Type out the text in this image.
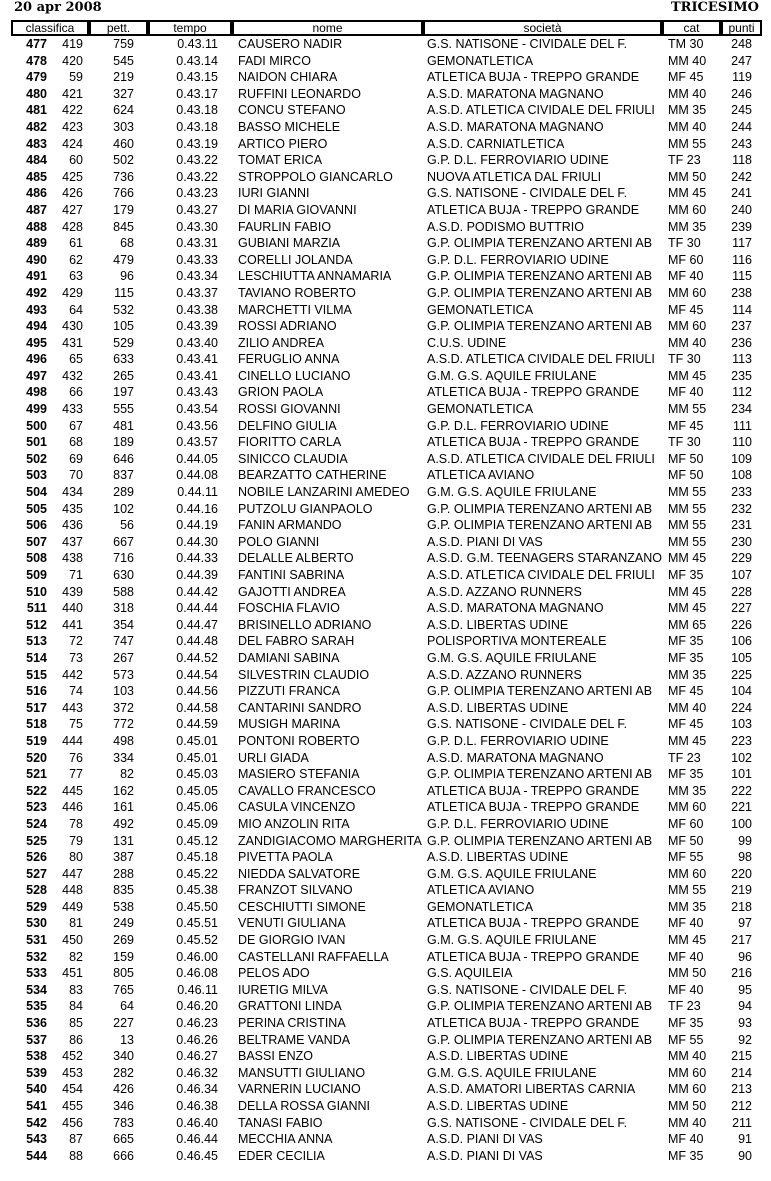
20 apr 2008	TRICESIMO
classifica		pett.	tempo	nome	società	cat	punti

477	419	759	0.43.11	CAUSERO NADIR	G.S. NATISONE - CIVIDALE DEL F.	TM 30	248
478	420	545	0.43.14	FADI MIRCO	GEMONATLETICA	MM 40	247
479	59	219	0.43.15	NAIDON CHIARA	ATLETICA BUJA - TREPPO GRANDE	MF 45	119
480	421	327	0.43.17	RUFFINI LEONARDO	A.S.D. MARATONA MAGNANO	MM 40	246
481	422	624	0.43.18	CONCU STEFANO	A.S.D. ATLETICA CIVIDALE DEL FRIULI	MM 35	245
482	423	303	0.43.18	BASSO MICHELE	A.S.D. MARATONA MAGNANO	MM 40	244
483	424	460	0.43.19	ARTICO PIERO	A.S.D. CARNIATLETICA	MM 55	243
484	60	502	0.43.22	TOMAT ERICA	G.P. D.L. FERROVIARIO UDINE	TF 23	118
485	425	736	0.43.22	STROPPOLO GIANCARLO	NUOVA ATLETICA DAL FRIULI	MM 50	242
486	426	766	0.43.23	IURI GIANNI	G.S. NATISONE - CIVIDALE DEL F.	MM 45	241
487	427	179	0.43.27	DI MARIA GIOVANNI	ATLETICA BUJA - TREPPO GRANDE	MM 60	240
488	428	845	0.43.30	FAURLIN FABIO	A.S.D. PODISMO BUTTRIO	MM 35	239
489	61	68	0.43.31	GUBIANI MARZIA	G.P. OLIMPIA TERENZANO ARTENI AB	TF 30	117
490	62	479	0.43.33	CORELLI JOLANDA	G.P. D.L. FERROVIARIO UDINE	MF 60	116
491	63	96	0.43.34	LESCHIUTTA ANNAMARIA	G.P. OLIMPIA TERENZANO ARTENI AB	MF 40	115
492	429	115	0.43.37	TAVIANO ROBERTO	G.P. OLIMPIA TERENZANO ARTENI AB	MM 60	238
493	64	532	0.43.38	MARCHETTI VILMA	GEMONATLETICA	MF 45	114
494	430	105	0.43.39	ROSSI ADRIANO	G.P. OLIMPIA TERENZANO ARTENI AB	MM 60	237
495	431	529	0.43.40	ZILIO ANDREA	C.U.S. UDINE	MM 40	236
496	65	633	0.43.41	FERUGLIO ANNA	A.S.D. ATLETICA CIVIDALE DEL FRIULI	TF 30	113
497	432	265	0.43.41	CINELLO LUCIANO	G.M. G.S. AQUILE FRIULANE	MM 45	235
498	66	197	0.43.43	GRION PAOLA	ATLETICA BUJA - TREPPO GRANDE	MF 40	112
499	433	555	0.43.54	ROSSI GIOVANNI	GEMONATLETICA	MM 55	234
500	67	481	0.43.56	DELFINO GIULIA	G.P. D.L. FERROVIARIO UDINE	MF 45	111
501	68	189	0.43.57	FIORITTO CARLA	ATLETICA BUJA - TREPPO GRANDE	TF 30	110
502	69	646	0.44.05	SINICCO CLAUDIA	A.S.D. ATLETICA CIVIDALE DEL FRIULI	MF 50	109
503	70	837	0.44.08	BEARZATTO CATHERINE	ATLETICA AVIANO	MF 50	108
504	434	289	0.44.11	NOBILE LANZARINI AMEDEO	G.M. G.S. AQUILE FRIULANE	MM 55	233
505	435	102	0.44.16	PUTZOLU GIANPAOLO	G.P. OLIMPIA TERENZANO ARTENI AB	MM 55	232
506	436	56	0.44.19	FANIN ARMANDO	G.P. OLIMPIA TERENZANO ARTENI AB	MM 55	231
507	437	667	0.44.30	POLO GIANNI	A.S.D. PIANI DI VAS	MM 55	230
508	438	716	0.44.33	DELALLE ALBERTO	A.S.D. G.M. TEENAGERS STARANZANO	MM 45	229
509	71	630	0.44.39	FANTINI SABRINA	A.S.D. ATLETICA CIVIDALE DEL FRIULI	MF 35	107
510	439	588	0.44.42	GAJOTTI ANDREA	A.S.D. AZZANO RUNNERS	MM 45	228
511	440	318	0.44.44	FOSCHIA FLAVIO	A.S.D. MARATONA MAGNANO	MM 45	227
512	441	354	0.44.47	BRISINELLO ADRIANO	A.S.D. LIBERTAS UDINE	MM 65	226
513	72	747	0.44.48	DEL FABRO SARAH	POLISPORTIVA MONTEREALE	MF 35	106
514	73	267	0.44.52	DAMIANI SABINA	G.M. G.S. AQUILE FRIULANE	MF 35	105
515	442	573	0.44.54	SILVESTRIN CLAUDIO	A.S.D. AZZANO RUNNERS	MM 35	225
516	74	103	0.44.56	PIZZUTI FRANCA	G.P. OLIMPIA TERENZANO ARTENI AB	MF 45	104
517	443	372	0.44.58	CANTARINI SANDRO	A.S.D. LIBERTAS UDINE	MM 40	224
518	75	772	0.44.59	MUSIGH MARINA	G.S. NATISONE - CIVIDALE DEL F.	MF 45	103
519	444	498	0.45.01	PONTONI ROBERTO	G.P. D.L. FERROVIARIO UDINE	MM 45	223
520	76	334	0.45.01	URLI GIADA	A.S.D. MARATONA MAGNANO	TF 23	102
521	77	82	0.45.03	MASIERO STEFANIA	G.P. OLIMPIA TERENZANO ARTENI AB	MF 35	101
522	445	162	0.45.05	CAVALLO FRANCESCO	ATLETICA BUJA - TREPPO GRANDE	MM 35	222
523	446	161	0.45.06	CASULA VINCENZO	ATLETICA BUJA - TREPPO GRANDE	MM 60	221
524	78	492	0.45.09	MIO ANZOLIN RITA	G.P. D.L. FERROVIARIO UDINE	MF 60	100
525	79	131	0.45.12	ZANDIGIACOMO MARGHERITA	G.P. OLIMPIA TERENZANO ARTENI AB	MF 50	99
526	80	387	0.45.18	PIVETTA PAOLA	A.S.D. LIBERTAS UDINE	MF 55	98
527	447	288	0.45.22	NIEDDA SALVATORE	G.M. G.S. AQUILE FRIULANE	MM 60	220
528	448	835	0.45.38	FRANZOT SILVANO	ATLETICA AVIANO	MM 55	219
529	449	538	0.45.50	CESCHIUTTI SIMONE	GEMONATLETICA	MM 35	218
530	81	249	0.45.51	VENUTI GIULIANA	ATLETICA BUJA - TREPPO GRANDE	MF 40	97
531	450	269	0.45.52	DE GIORGIO IVAN	G.M. G.S. AQUILE FRIULANE	MM 45	217
532	82	159	0.46.00	CASTELLANI RAFFAELLA	ATLETICA BUJA - TREPPO GRANDE	MF 40	96
533	451	805	0.46.08	PELOS ADO	G.S. AQUILEIA	MM 50	216
534	83	765	0.46.11	IURETIG MILVA	G.S. NATISONE - CIVIDALE DEL F.	MF 40	95
535	84	64	0.46.20	GRATTONI LINDA	G.P. OLIMPIA TERENZANO ARTENI AB	TF 23	94
536	85	227	0.46.23	PERINA CRISTINA	ATLETICA BUJA - TREPPO GRANDE	MF 35	93
537	86	13	0.46.26	BELTRAME VANDA	G.P. OLIMPIA TERENZANO ARTENI AB	MF 55	92
538	452	340	0.46.27	BASSI ENZO	A.S.D. LIBERTAS UDINE	MM 40	215
539	453	282	0.46.32	MANSUTTI GIULIANO	G.M. G.S. AQUILE FRIULANE	MM 60	214
540	454	426	0.46.34	VARNERIN LUCIANO	A.S.D. AMATORI LIBERTAS CARNIA	MM 60	213
541	455	346	0.46.38	DELLA ROSSA GIANNI	A.S.D. LIBERTAS UDINE	MM 50	212
542	456	783	0.46.40	TANASI FABIO	G.S. NATISONE - CIVIDALE DEL F.	MM 40	211
543	87	665	0.46.44	MECCHIA ANNA	A.S.D. PIANI DI VAS	MF 40	91
544	88	666	0.46.45	EDER CECILIA	A.S.D. PIANI DI VAS	MF 35	90
